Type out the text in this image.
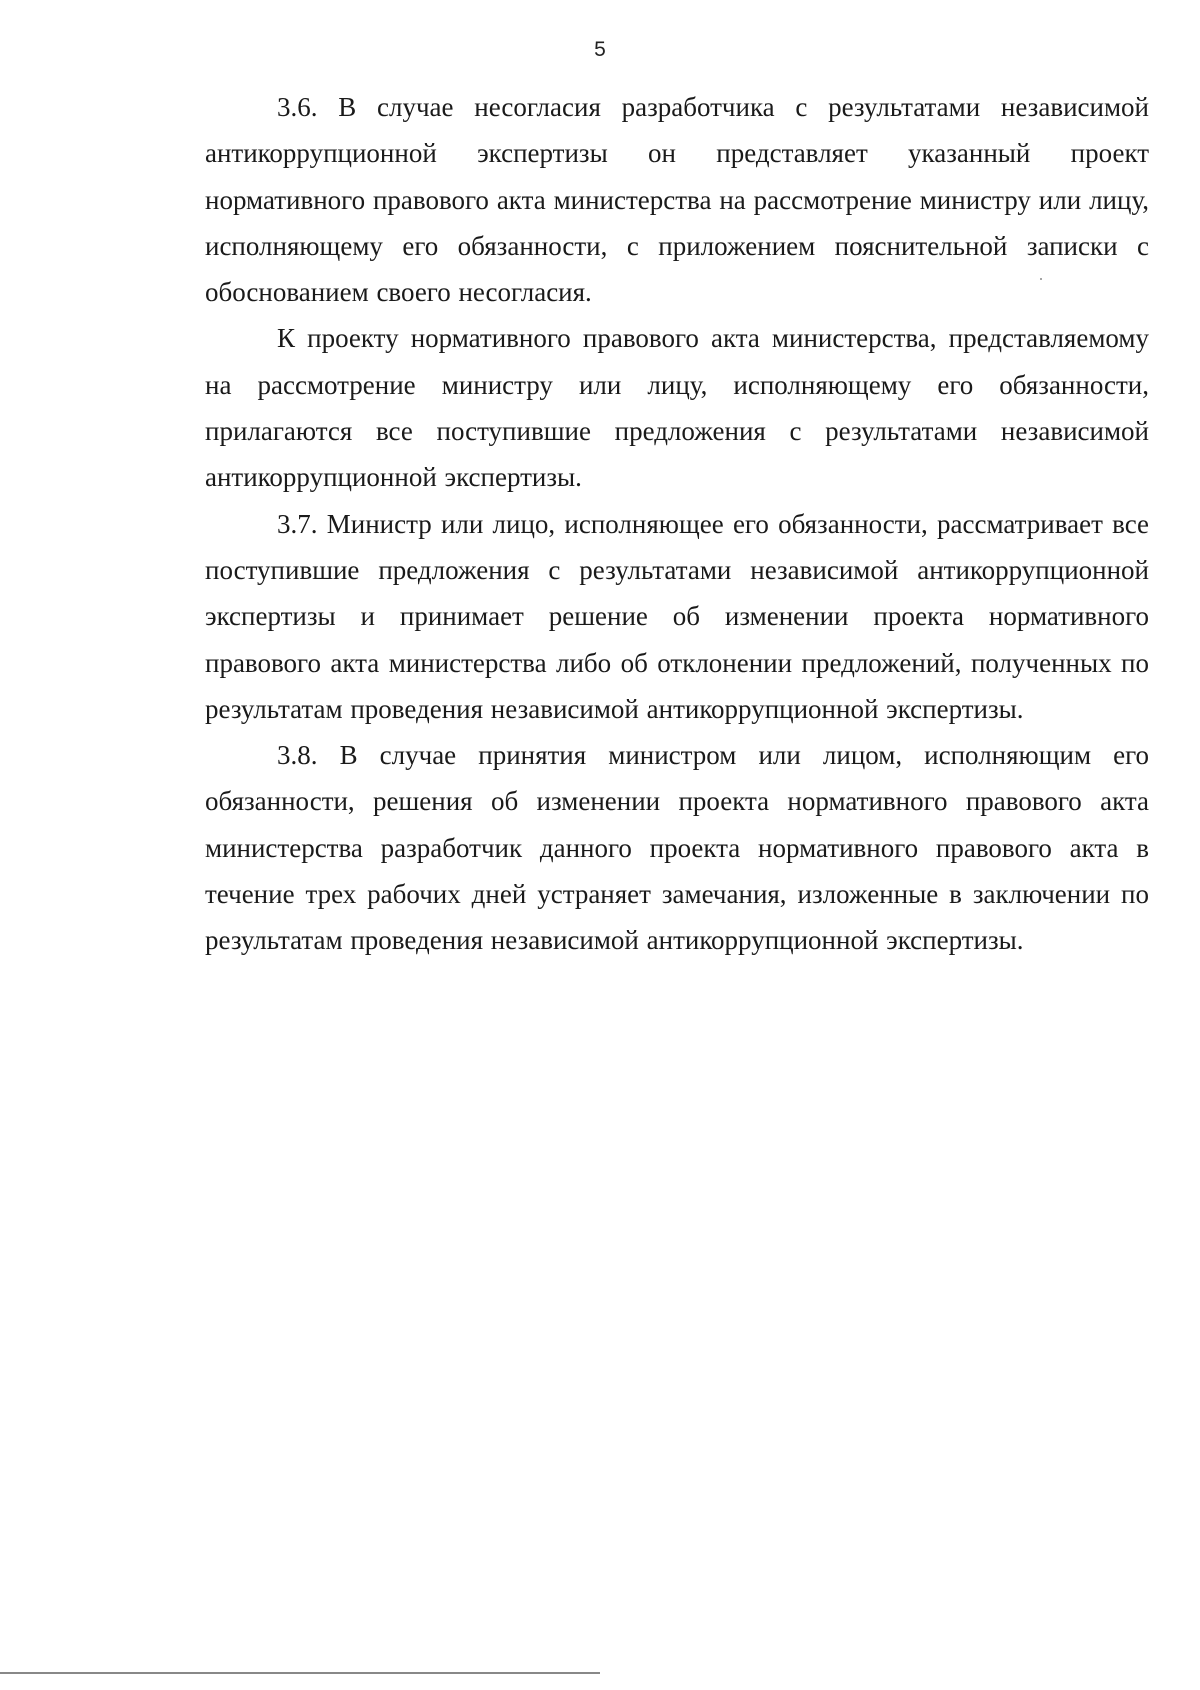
5

3.6. В случае несогласия разработчика с результатами независимой антикоррупционной экспертизы он представляет указанный проект нормативного правового акта министерства на рассмотрение министру или лицу, исполняющему его обязанности, с приложением пояснительной записки с обоснованием своего несогласия.

К проекту нормативного правового акта министерства, представляемому на рассмотрение министру или лицу, исполняющему его обязанности, прилагаются все поступившие предложения с результатами независимой антикоррупционной экспертизы.

3.7. Министр или лицо, исполняющее его обязанности, рассматривает все поступившие предложения с результатами независимой антикоррупционной экспертизы и принимает решение об изменении проекта нормативного правового акта министерства либо об отклонении предложений, полученных по результатам проведения независимой антикоррупционной экспертизы.

3.8. В случае принятия министром или лицом, исполняющим его обязанности, решения об изменении проекта нормативного правового акта министерства разработчик данного проекта нормативного правового акта в течение трех рабочих дней устраняет замечания, изложенные в заключении по результатам проведения независимой антикоррупционной экспертизы.
